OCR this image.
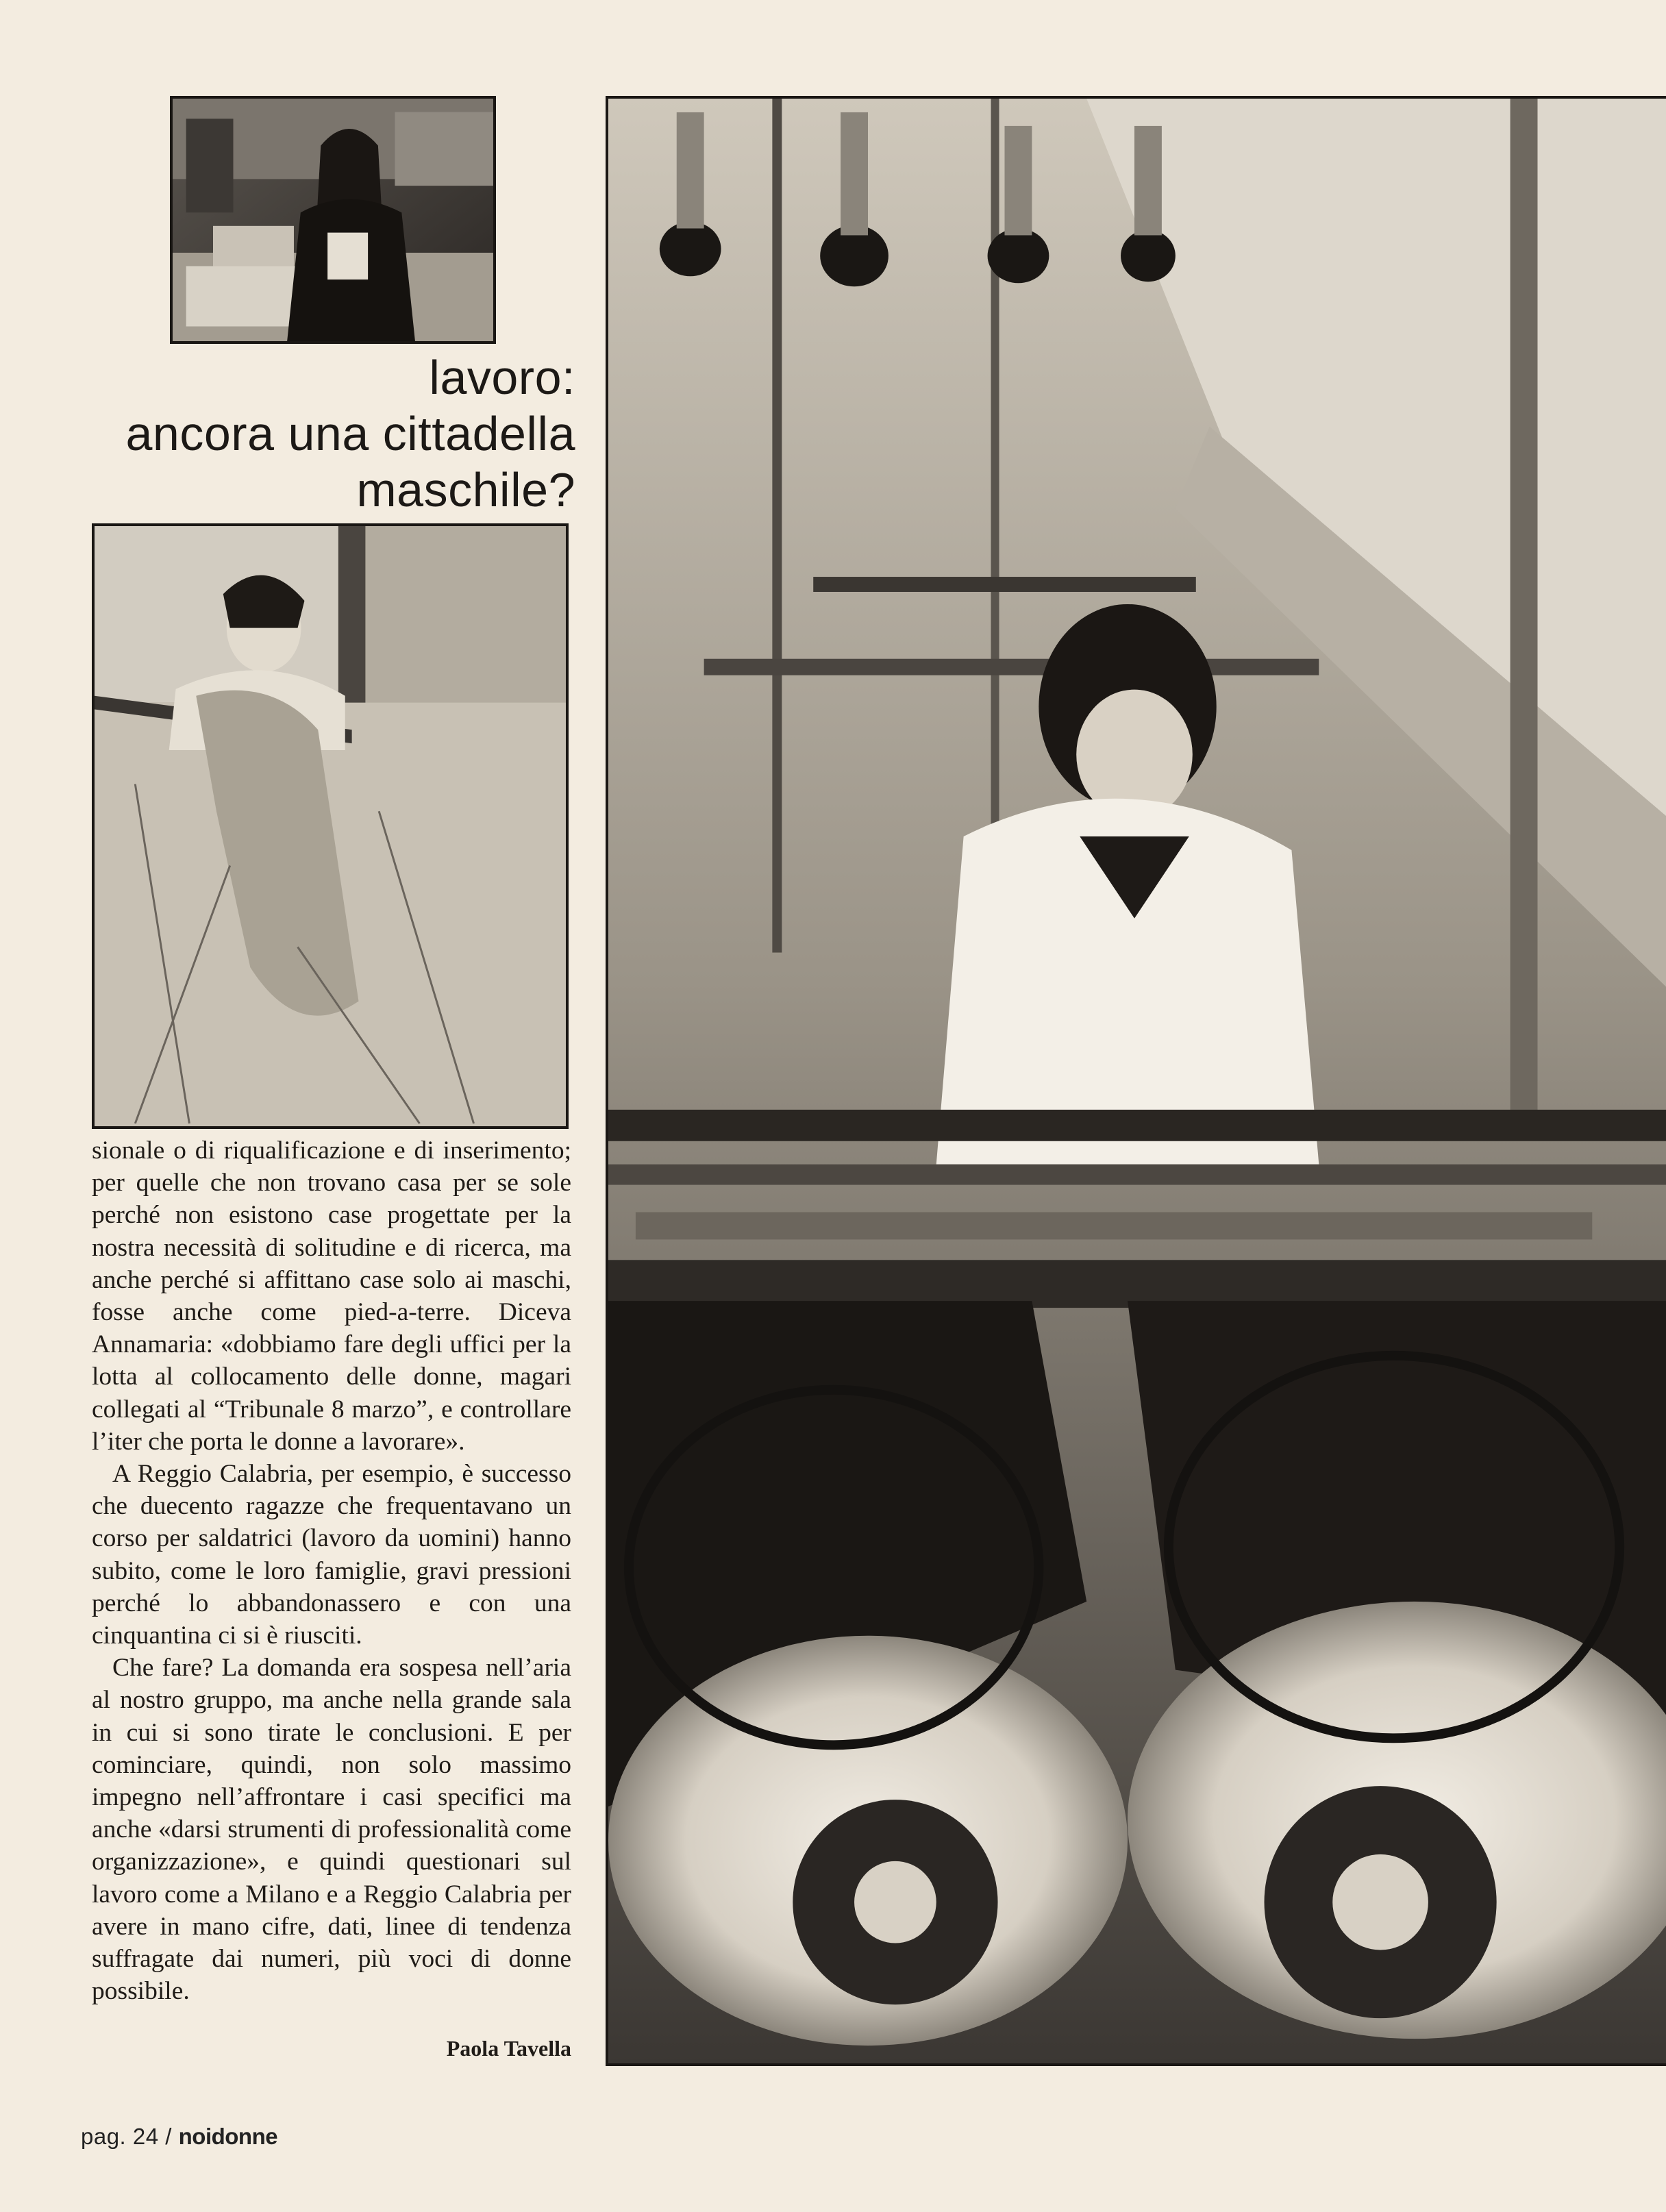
lavoro:
ancora una cittadella
maschile?

sionale o di riqualificazione e di inserimento; per quelle che non trovano casa per se sole perché non esistono case progettate per la nostra necessità di solitudine e di ricerca, ma anche perché si affittano case solo ai maschi, fosse anche come pied-a-terre. Diceva Annamaria: «dobbiamo fare degli uffici per la lotta al collocamento delle donne, magari collegati al “Tribunale 8 marzo”, e controllare l’iter che porta le donne a lavorare».

A Reggio Calabria, per esempio, è successo che duecento ragazze che frequentavano un corso per saldatrici (lavoro da uomini) hanno subito, come le loro famiglie, gravi pressioni perché lo abbandonassero e con una cinquantina ci si è riusciti.

Che fare? La domanda era sospesa nell’aria al nostro gruppo, ma anche nella grande sala in cui si sono tirate le conclusioni. E per cominciare, quindi, non solo massimo impegno nell’affrontare i casi specifici ma anche «darsi strumenti di professionalità come organizzazione», e quindi questionari sul lavoro come a Milano e a Reggio Calabria per avere in mano cifre, dati, linee di tendenza suffragate dai numeri, più voci di donne possibile.

Paola Tavella
pag. 24 / noidonne
